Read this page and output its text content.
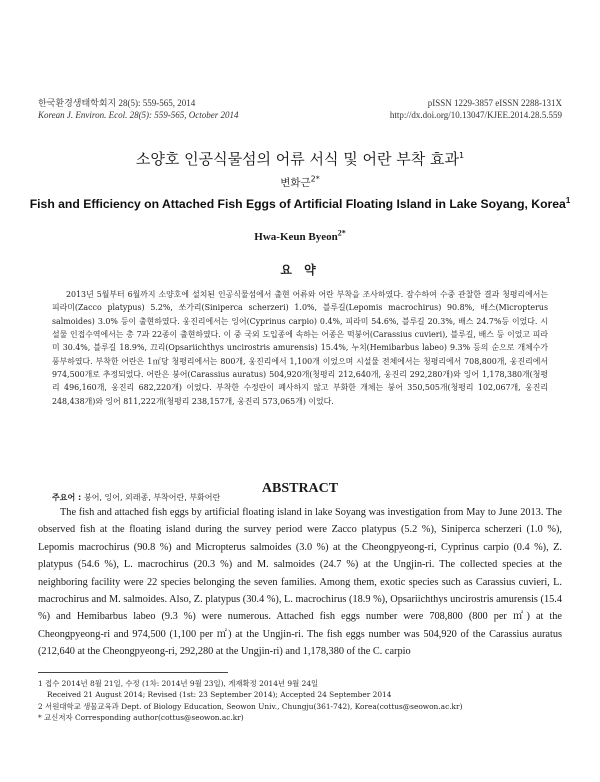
한국환경생태학회지 28(5): 559-565, 2014
Korean J. Environ. Ecol. 28(5): 559-565, October 2014
pISSN 1229-3857 eISSN 2288-131X
http://dx.doi.org/10.13047/KJEE.2014.28.5.559
소양호 인공식물섬의 어류 서식 및 어란 부착 효과$^1$
변화근$^{2*}$
Fish and Efficiency on Attached Fish Eggs of Artificial Floating Island in Lake Soyang, Korea$^1$
Hwa-Keun Byeon$^{2*}$
요 약

2013년 5월부터 6월까지 소양호에 설치된 인공식물섬에서 출현 어류와 어란 부착을 조사하였다. 잠수하여 수중 관찰한 결과 청평리에서는 피라미(Zacco platypus) 5.2%, 쏘가리(Siniperca scherzeri) 1.0%, 블루길(Lepomis macrochirus) 90.8%, 배스(Micropterus salmoides) 3.0% 등이 출현하였다. 웅진리에서는 잉어(Cyprinus carpio) 0.4%, 피라미 54.6%, 블루길 20.3%, 배스 24.7%등 이었다. 시설물 인접수역에서는 총 7과 22종이 출현하였다. 이 중 국외 도입종에 속하는 어종은 떡붕어(Carassius cuvieri), 블루길, 배스 등 이었고 피라미 30.4%, 블루길 18.9%, 끄리(Opsariichthys uncirostris amurensis) 15.4%, 누치(Hemibarbus labeo) 9.3% 등의 순으로 개체수가 풍부하였다. 부착한 어란은 1㎡당 청평리에서는 800개, 웅진리에서 1,100개 이었으며 시설물 전체에서는 청평리에서 708,800개, 웅진리에서 974,500개로 추정되었다. 어란은 붕어(Carassius auratus) 504,920개(청평리 212,640개, 웅진리 292,280개)와 잉어 1,178,380개(청평리 496,160개, 웅진리 682,220개) 이었다. 부착한 수정란이 폐사하지 않고 부화한 개체는 붕어 350,505개(청평리 102,067개, 웅진리 248,438개)와 잉어 811,222개(청평리 238,157개, 웅진리 573,065개) 이었다.

주요어 : 붕어, 잉어, 외래종, 부착어란, 부화어란
ABSTRACT

The fish and attached fish eggs by artificial floating island in lake Soyang was investigation from May to June 2013. The observed fish at the floating island during the survey period were Zacco platypus (5.2 %), Siniperca scherzeri (1.0 %), Lepomis macrochirus (90.8 %) and Micropterus salmoides (3.0 %) at the Cheongpyeong-ri, Cyprinus carpio (0.4 %), Z. platypus (54.6 %), L. macrochirus (20.3 %) and M. salmoides (24.7 %) at the Ungjin-ri. The collected species at the neighboring facility were 22 species belonging the seven families. Among them, exotic species such as Carassius cuvieri, L. macrochirus and M. salmoides. Also, Z. platypus (30.4 %), L. macrochirus (18.9 %), Opsariichthys uncirostris amurensis (15.4 %) and Hemibarbus labeo (9.3 %) were numerous. Attached fish eggs number were 708,800 (800 per ㎡) at the Cheongpyeong-ri and 974,500 (1,100 per ㎡) at the Ungjin-ri. The fish eggs number was 504,920 of the Carassius auratus (212,640 at the Cheongpyeong-ri, 292,280 at the Ungjin-ri) and 1,178,380 of the C. carpio

1 접수 2014년 8월 21일, 수정 (1차: 2014년 9월 23일), 게재확정 2014년 9월 24일
Received 21 August 2014; Revised (1st: 23 September 2014); Accepted 24 September 2014
2 서원대학교 생물교육과 Dept. of Biology Education, Seowon Univ., Chungju(361-742), Korea(cottus@seowon.ac.kr)
* 교신저자 Corresponding author(cottus@seowon.ac.kr)
